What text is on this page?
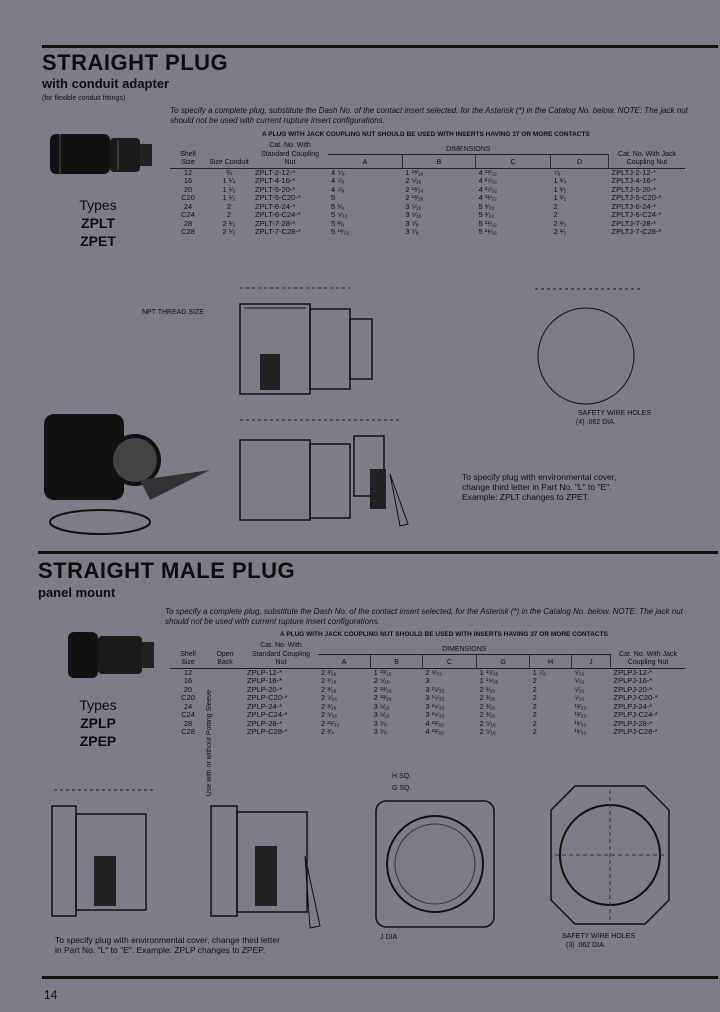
STRAIGHT PLUG
with conduit adapter
(for flexible conduit fittings)
To specify a complete plug, substitute the Dash No. of the contact insert selected, for the Asterisk (*) in the Catalog No. below. NOTE: The jack nut should not be used with current rupture insert configurations.
A PLUG WITH JACK COUPLING NUT SHOULD BE USED WITH INSERTS HAVING 37 OR MORE CONTACTS
Types
ZPLT
ZPET
Shell Size	Size Conduit	Cat. No. With Standard Coupling Nut	DIMENSIONS				Cat. No. With Jack Coupling Nut
			A	B	C	D	
12	¾	ZPLT-2-12-*	4 ⁵⁄₈	1 ¹³⁄₁₆	4 ²³⁄₃₂	⁷⁄₈	ZPLTJ-2-12-*
16	1 ¹⁄₄	ZPLT-4-16-*	4 ⁷⁄₈	2 ⁵⁄₁₆	4 ²⁷⁄₃₂	1 ¹⁄₄	ZPLTJ-4-16-*
20	1 ¹⁄₂	ZPLT-5-20-*	4 ⁷⁄₈	2 ¹³⁄₁₆	4 ²⁷⁄₃₂	1 ¹⁄₂	ZPLTJ-5-20-*
C20	1 ¹⁄₂	ZPLT-5-C20-*	5	2 ¹³⁄₁₆	4 ³¹⁄₃₂	1 ¹⁄₂	ZPLTJ-5-C20-*
24	2	ZPLT-6-24-*	5 ¹⁄₈	3 ⁵⁄₁₆	5 ³⁄₃₂	2	ZPLTJ-6-24-*
C24	2	ZPLT-6-C24-*	5 ⁵⁄₃₂	3 ⁵⁄₁₆	5 ³⁄₃₂	2	ZPLTJ-6-C24-*
28	2 ¹⁄₂	ZPLT-7-28-*	5 ³⁄₈	3 ⁷⁄₈	5 ¹¹⁄₃₂	2 ¹⁄₂	ZPLTJ-7-28-*
C28	2 ¹⁄₂	ZPLT-7-C28-*	5 ¹³⁄₃₂	3 ⁷⁄₈	5 ¹¹⁄₃₂	2 ¹⁄₂	ZPLTJ-7-C28-*
NPT THREAD SIZE
SAFETY WIRE HOLES
(4) .062 DIA.
To specify plug with environmental cover, change third letter in Part No. "L" to "E". Example: ZPLT changes to ZPET.
STRAIGHT MALE PLUG
panel mount
To specify a complete plug, substitute the Dash No. of the contact insert selected, for the Asterisk (*) in the Catalog No. below. NOTE: The jack nut should not be used with current rupture insert configurations.
A PLUG WITH JACK COUPLING NUT SHOULD BE USED WITH INSERTS HAVING 37 OR MORE CONTACTS
Types
ZPLP
ZPEP
Shell Size	Open Back	Cat. No. With Standard Coupling Nut	DIMENSIONS						Cat. No. With Jack Coupling Nut
			A	B	C	G	H	J	
12		ZPLP-12-*	2 ³⁄₁₆	1 ¹³⁄₁₆	2 ⁹⁄₃₂	1 ¹⁵⁄₁₆	1 ⁷⁄₈	⁵⁄₃₂	ZPLPJ-12-*
16		ZPLP-16-*	2 ³⁄₁₆	2 ⁵⁄₁₆	3	1 ¹⁵⁄₁₆	2	⁵⁄₃₂	ZPLPJ-16-*
20		ZPLP-20-*	2 ³⁄₁₆	2 ¹³⁄₁₆	3 ¹⁵⁄₃₂	2 ¹⁄₁₆	2	⁵⁄₃₂	ZPLPJ-20-*
C20		ZPLP-C20-*	2 ⁵⁄₁₆	2 ¹³⁄₁₆	3 ¹⁵⁄₃₂	2 ¹⁄₁₆	2	⁵⁄₃₂	ZPLPJ-C20-*
24		ZPLP-24-*	2 ³⁄₁₆	3 ⁵⁄₁₆	3 ²⁹⁄₃₂	2 ¹⁄₁₆	2	¹¹⁄₃₂	ZPLPJ-24-*
C24		ZPLP-C24-*	2 ⁵⁄₁₆	3 ⁵⁄₁₆	3 ²⁹⁄₃₂	2 ¹⁄₁₆	2	¹¹⁄₃₂	ZPLPJ-C24-*
28		ZPLP-28-*	2 ²¹⁄₃₂	3 ⁷⁄₈	4 ¹³⁄₃₂	2 ⁵⁄₁₆	2	¹¹⁄₃₂	ZPLPJ-28-*
C28		ZPLP-C28-*	2 ³⁄₄	3 ⁷⁄₈	4 ¹³⁄₃₂	2 ⁵⁄₁₆	2	¹¹⁄₃₂	ZPLPJ-C28-*
Use with or without Potting Sleeve	H SQ.
G SQ.
J DIA	SAFETY WIRE HOLES
(3) .062 DIA.
To specify plug with environmental cover, change third letter in Part No. "L" to "E". Example: ZPLP changes to ZPEP.
14
